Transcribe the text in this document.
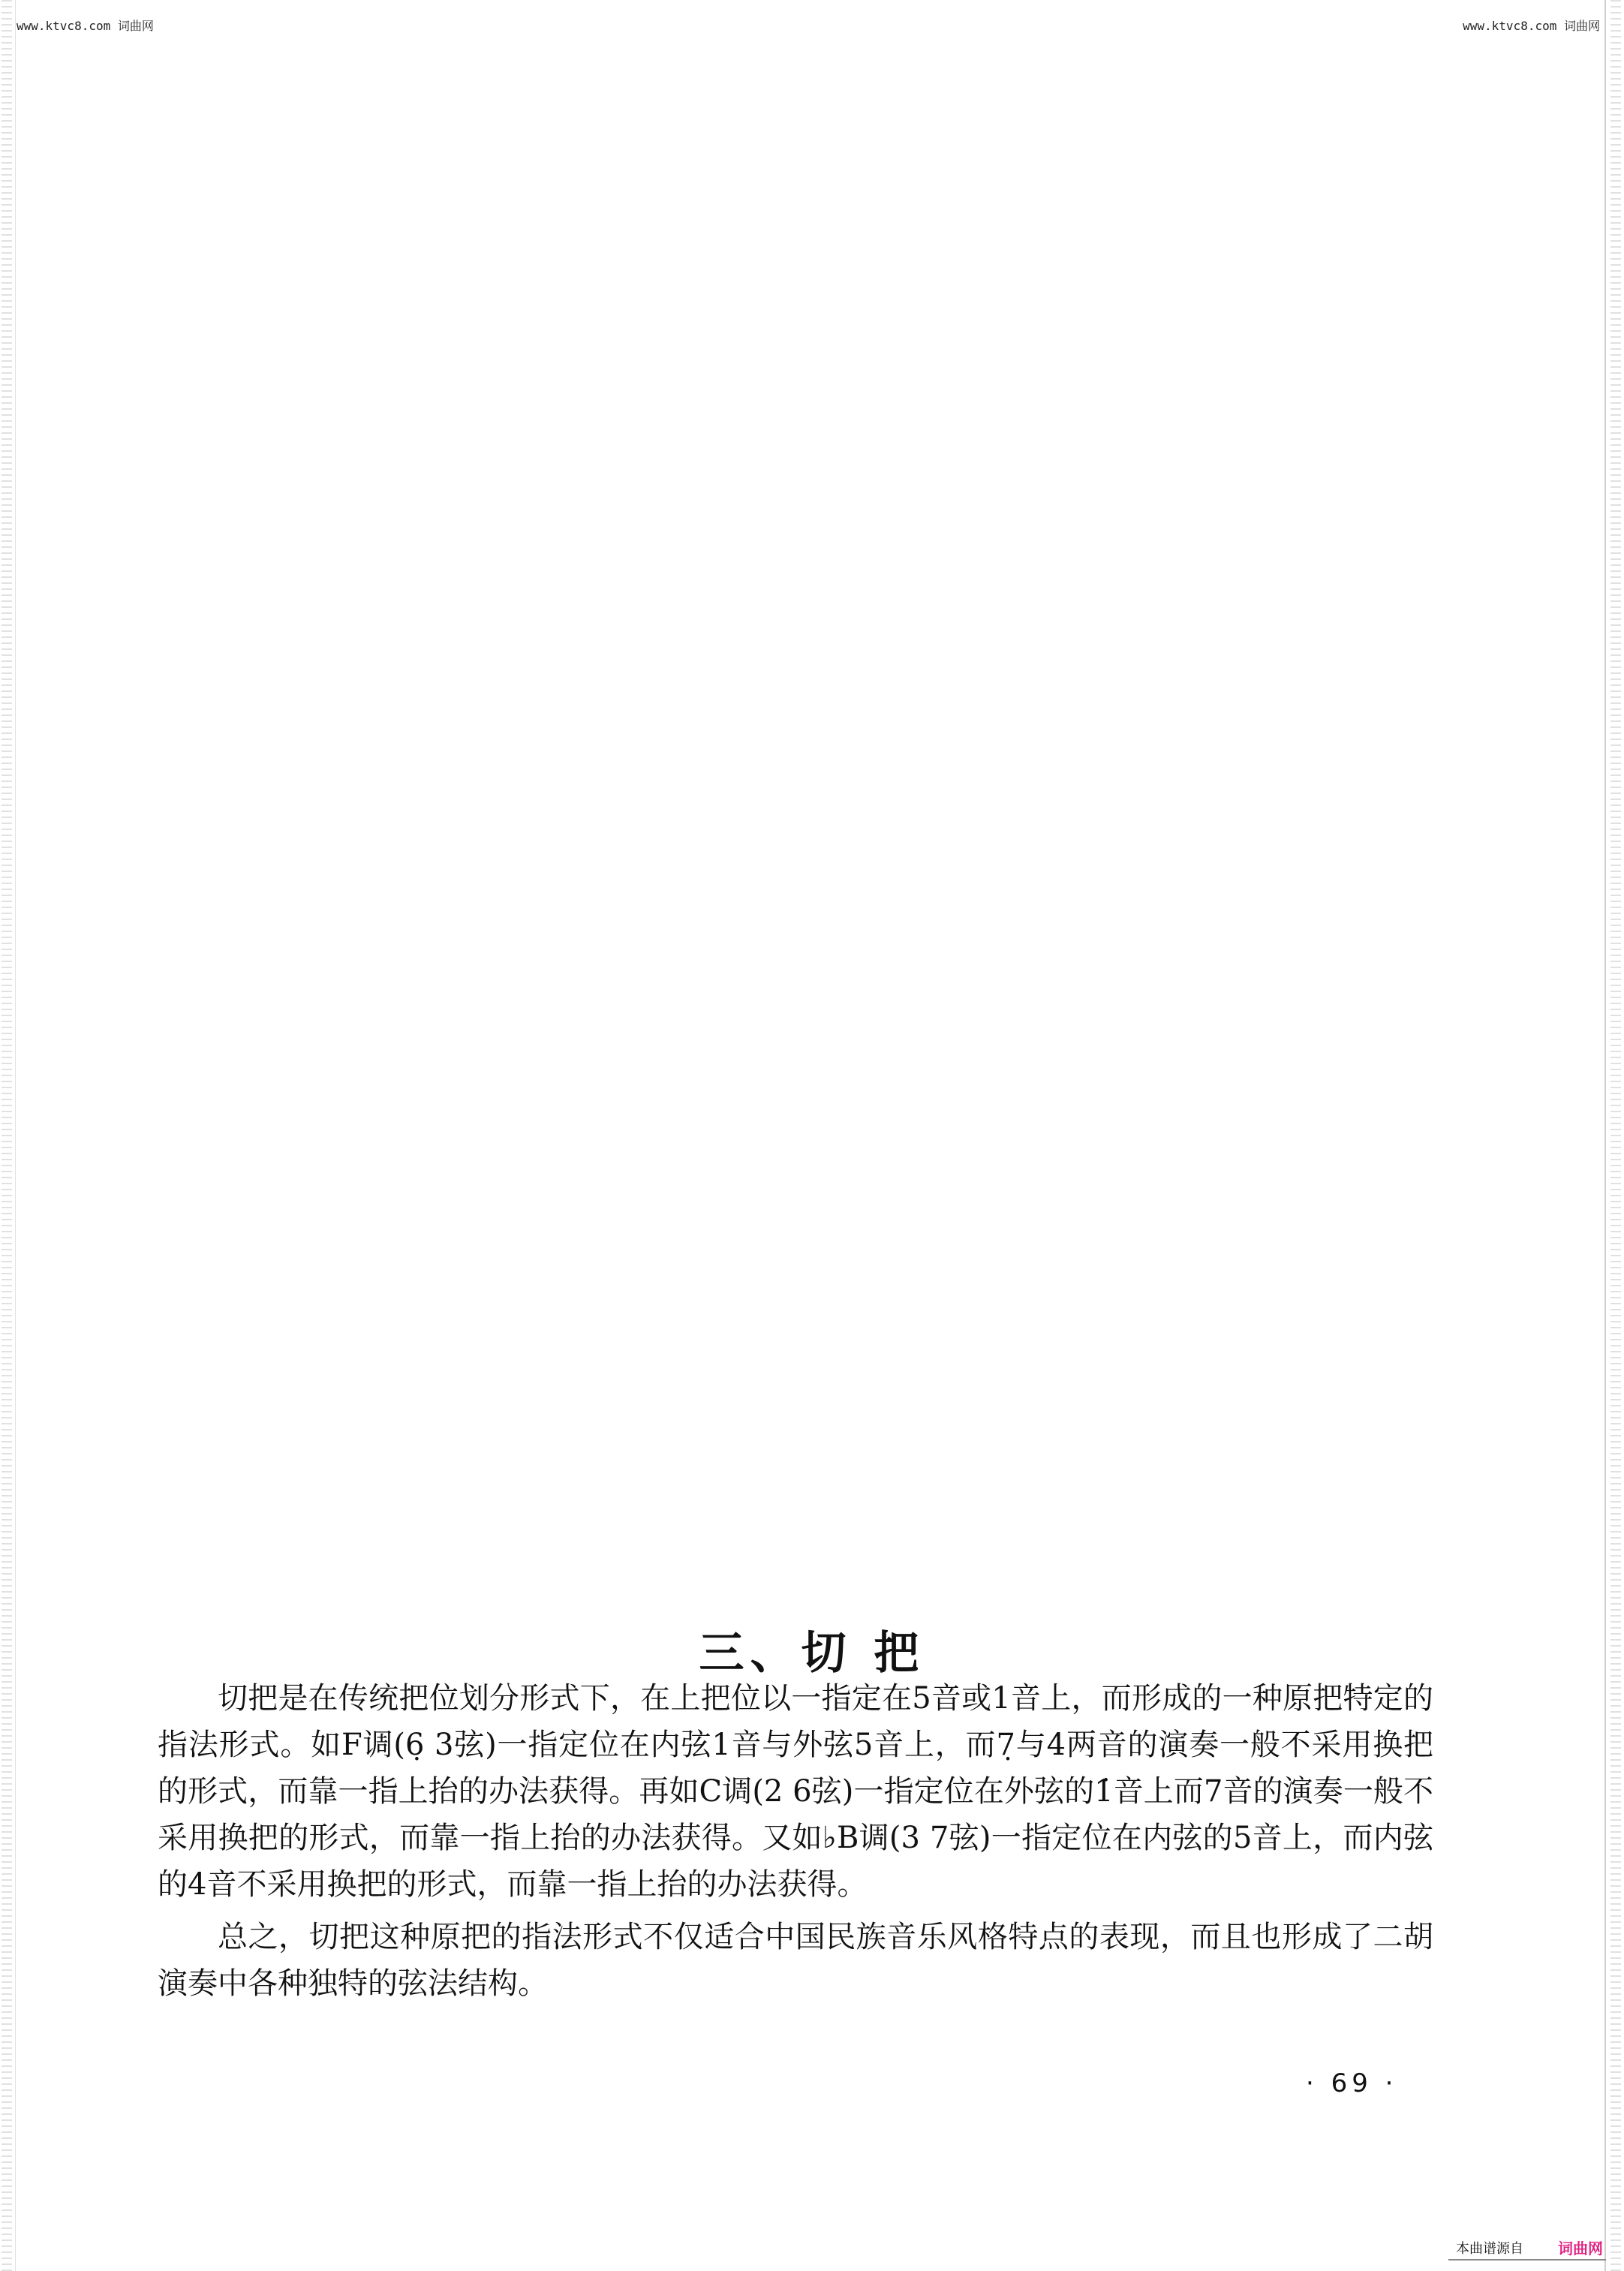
www.ktvc8.com 词曲网	www.ktvc8.com 词曲网
三、切 把

切把是在传统把位划分形式下，在上把位以一指定在5音或1音上，而形成的一种原把特定的指法形式。如F调(6̣ 3弦)一指定位在内弦1音与外弦5音上，而7̣与4两音的演奏一般不采用换把的形式，而靠一指上抬的办法获得。再如C调(2 6弦)一指定位在外弦的1̇音上而7音的演奏一般不采用换把的形式，而靠一指上抬的办法获得。又如♭B调(3 7弦)一指定位在内弦的5音上，而内弦的4音不采用换把的形式，而靠一指上抬的办法获得。

总之，切把这种原把的指法形式不仅适合中国民族音乐风格特点的表现，而且也形成了二胡演奏中各种独特的弦法结构。

· 69 ·
本曲谱源自 词曲网
